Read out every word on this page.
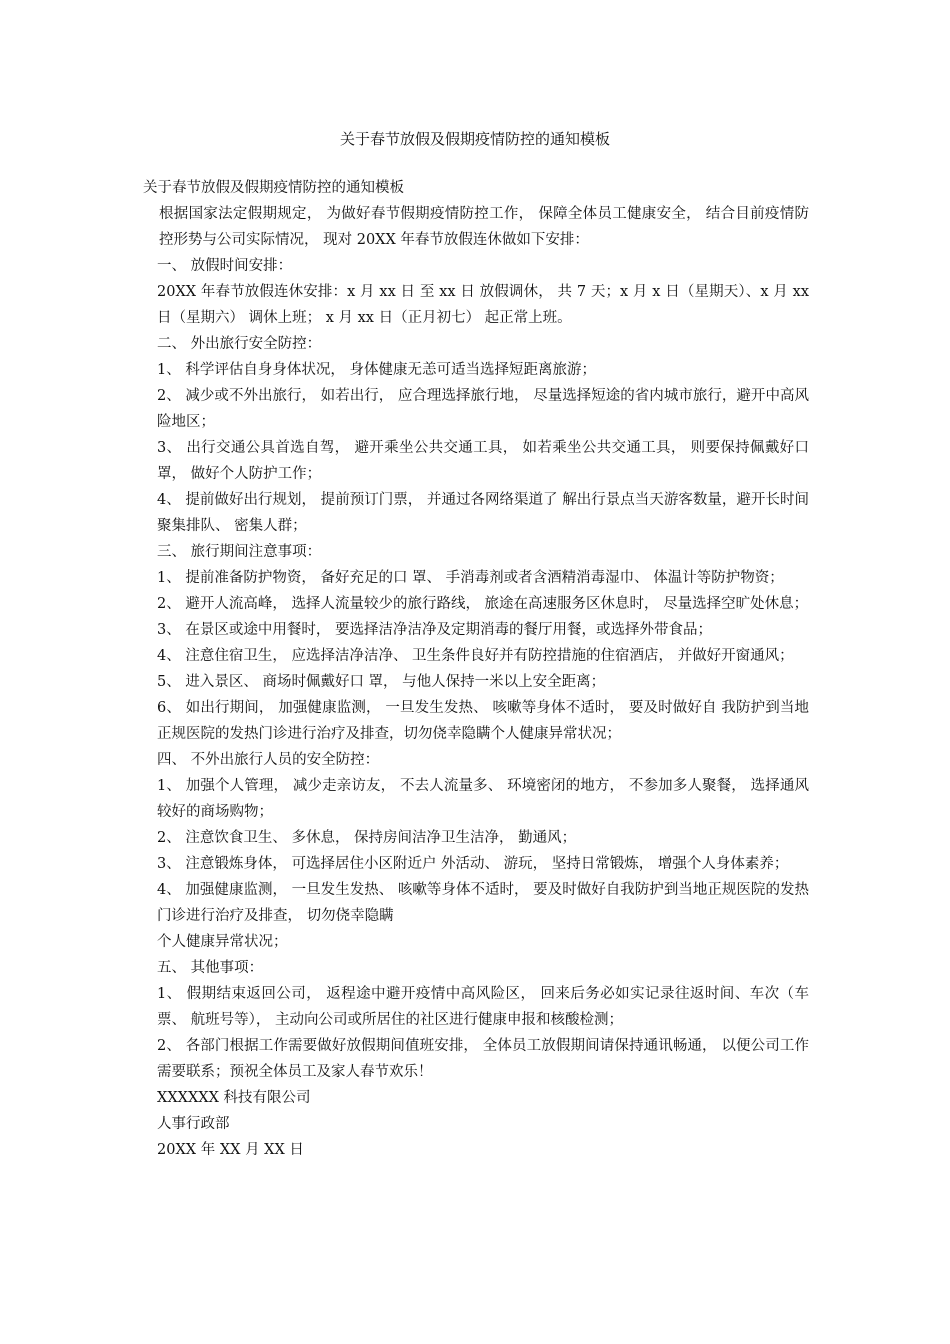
关于春节放假及假期疫情防控的通知模板

关于春节放假及假期疫情防控的通知模板

根据国家法定假期规定， 为做好春节假期疫情防控工作， 保障全体员工健康安全， 结合目前疫情防控形势与公司实际情况， 现对 20XX 年春节放假连休做如下安排：

一、 放假时间安排：

20XX 年春节放假连休安排：x 月 xx 日 至 xx 日 放假调休， 共 7 天；x 月 x 日（星期天）、x 月 xx 日（星期六） 调休上班； x 月 xx 日（正月初七） 起正常上班。

二、 外出旅行安全防控：

1、 科学评估自身身体状况， 身体健康无恙可适当选择短距离旅游；

2、 减少或不外出旅行， 如若出行， 应合理选择旅行地， 尽量选择短途的省内城市旅行，避开中高风险地区；

3、 出行交通公具首选自驾， 避开乘坐公共交通工具， 如若乘坐公共交通工具， 则要保持佩戴好口 罩， 做好个人防护工作；

4、 提前做好出行规划， 提前预订门票， 并通过各网络渠道了 解出行景点当天游客数量，避开长时间聚集排队、 密集人群；

三、 旅行期间注意事项：

1、 提前准备防护物资， 备好充足的口 罩、 手消毒剂或者含酒精消毒湿巾、 体温计等防护物资；

2、 避开人流高峰， 选择人流量较少的旅行路线， 旅途在高速服务区休息时， 尽量选择空旷处休息；

3、 在景区或途中用餐时， 要选择洁净洁净及定期消毒的餐厅用餐，或选择外带食品；

4、 注意住宿卫生， 应选择洁净洁净、 卫生条件良好并有防控措施的住宿酒店， 并做好开窗通风；

5、 进入景区、 商场时佩戴好口 罩， 与他人保持一米以上安全距离；

6、 如出行期间， 加强健康监测， 一旦发生发热、 咳嗽等身体不适时， 要及时做好自 我防护到当地正规医院的发热门诊进行治疗及排查，切勿侥幸隐瞒个人健康异常状况；

四、 不外出旅行人员的安全防控：

1、 加强个人管理， 减少走亲访友， 不去人流量多、 环境密闭的地方， 不参加多人聚餐， 选择通风较好的商场购物；

2、 注意饮食卫生、 多休息， 保持房间洁净卫生洁净， 勤通风；

3、 注意锻炼身体， 可选择居住小区附近户 外活动、 游玩， 坚持日常锻炼， 增强个人身体素养；

4、 加强健康监测， 一旦发生发热、 咳嗽等身体不适时， 要及时做好自我防护到当地正规医院的发热门诊进行治疗及排查， 切勿侥幸隐瞒

个人健康异常状况；

五、 其他事项：

1、 假期结束返回公司， 返程途中避开疫情中高风险区， 回来后务必如实记录往返时间、车次（车票、 航班号等）， 主动向公司或所居住的社区进行健康申报和核酸检测；

2、 各部门根据工作需要做好放假期间值班安排， 全体员工放假期间请保持通讯畅通， 以便公司工作需要联系；预祝全体员工及家人春节欢乐！

XXXXXX 科技有限公司

人事行政部

20XX 年 XX 月 XX 日
